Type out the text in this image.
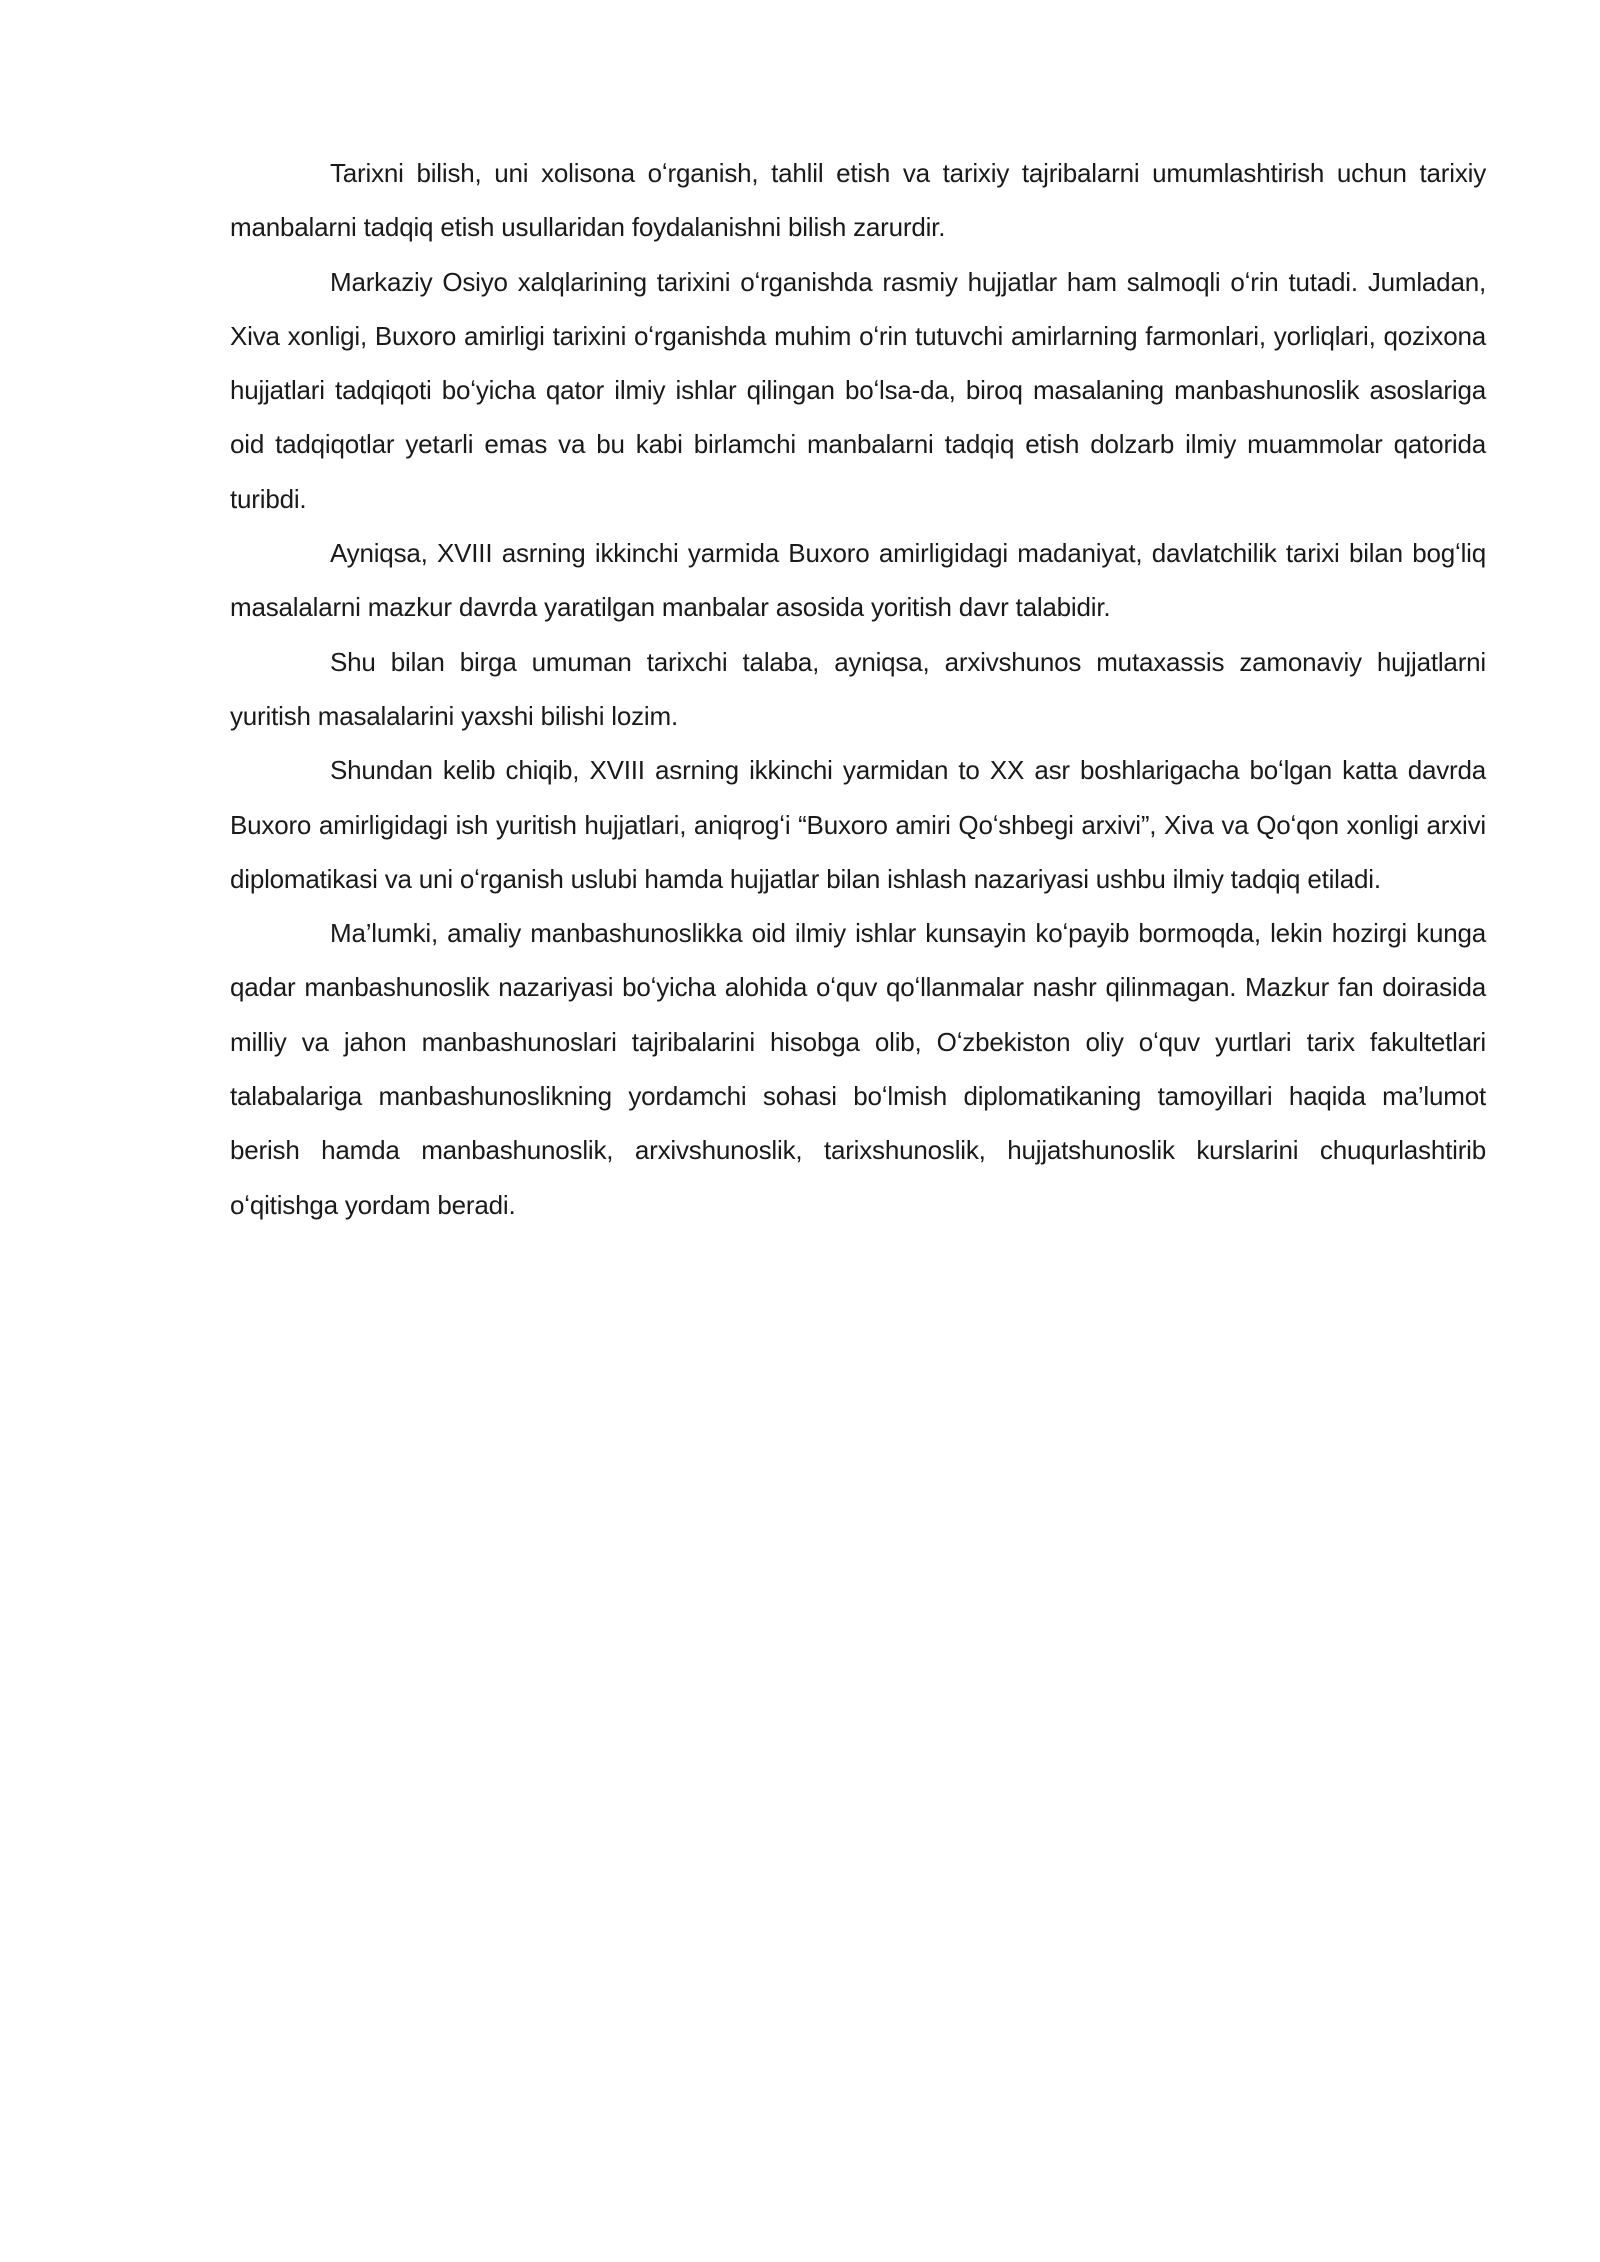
Tarixni bilish, uni xolisona oʻrganish, tahlil etish va tarixiy tajribalarni umumlashtirish uchun tarixiy manbalarni tadqiq etish usullaridan foydalanishni bilish zarurdir.

Markaziy Osiyo xalqlarining tarixini oʻrganishda rasmiy hujjatlar ham salmoqli oʻrin tutadi. Jumladan, Xiva xonligi, Buxoro amirligi tarixini oʻrganishda muhim oʻrin tutuvchi amirlarning farmonlari, yorliqlari, qozixona hujjatlari tadqiqoti boʻyicha qator ilmiy ishlar qilingan boʻlsa-da, biroq masalaning manbashunoslik asoslariga oid tadqiqotlar yetarli emas va bu kabi birlamchi manbalarni tadqiq etish dolzarb ilmiy muammolar qatorida turibdi.

Ayniqsa, XVIII asrning ikkinchi yarmida Buxoro amirligidagi madaniyat, davlatchilik tarixi bilan bogʻliq masalalarni mazkur davrda yaratilgan manbalar asosida yoritish davr talabidir.

Shu bilan birga umuman tarixchi talaba, ayniqsa, arxivshunos mutaxassis zamonaviy hujjatlarni yuritish masalalarini yaxshi bilishi lozim.

Shundan kelib chiqib, XVIII asrning ikkinchi yarmidan to XX asr boshlarigacha boʻlgan katta davrda Buxoro amirligidagi ish yuritish hujjatlari, aniqrogʻi “Buxoro amiri Qoʻshbegi arxivi”, Xiva va Qoʻqon xonligi arxivi diplomatikasi va uni oʻrganish uslubi hamda hujjatlar bilan ishlash nazariyasi ushbu ilmiy tadqiq etiladi.

Ma’lumki, amaliy manbashunoslikka oid ilmiy ishlar kunsayin koʻpayib bormoqda, lekin hozirgi kunga qadar manbashunoslik nazariyasi boʻyicha alohida oʻquv qoʻllanmalar nashr qilinmagan. Mazkur fan doirasida milliy va jahon manbashunoslari tajribalarini hisobga olib, Oʻzbekiston oliy oʻquv yurtlari tarix fakultetlari talabalariga manbashunoslikning yordamchi sohasi boʻlmish diplomatikaning tamoyillari haqida ma’lumot berish hamda manbashunoslik, arxivshunoslik, tarixshunoslik, hujjatshunoslik kurslarini chuqurlashtirib oʻqitishga yordam beradi.
